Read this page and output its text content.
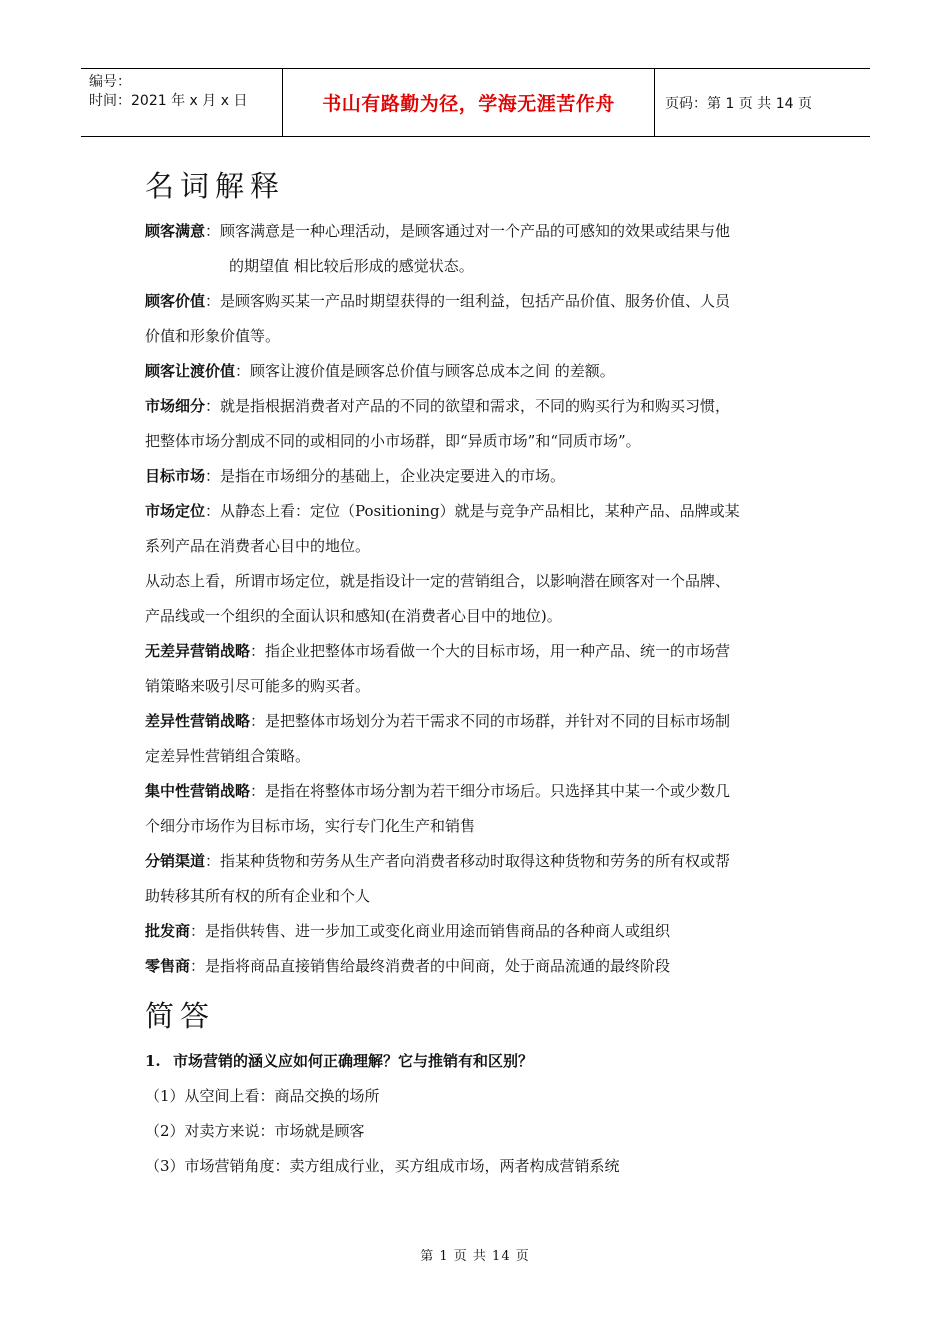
编号：
时间：2021 年 x 月 x 日	书山有路勤为径，学海无涯苦作舟	页码：第 1 页 共 14 页
名词解释

顾客满意：顾客满意是一种心理活动，是顾客通过对一个产品的可感知的效果或结果与他

的期望值 相比较后形成的感觉状态。

顾客价值：是顾客购买某一产品时期望获得的一组利益，包括产品价值、服务价值、人员

价值和形象价值等。

顾客让渡价值：顾客让渡价值是顾客总价值与顾客总成本之间 的差额。

市场细分：就是指根据消费者对产品的不同的欲望和需求，不同的购买行为和购买习惯，

把整体市场分割成不同的或相同的小市场群，即“异质市场”和“同质市场”。

目标市场：是指在市场细分的基础上，企业决定要进入的市场。

市场定位：从静态上看：定位（Positioning）就是与竞争产品相比，某种产品、品牌或某

系列产品在消费者心目中的地位。

从动态上看，所谓市场定位，就是指设计一定的营销组合，以影响潜在顾客对一个品牌、

产品线或一个组织的全面认识和感知(在消费者心目中的地位)。

无差异营销战略：指企业把整体市场看做一个大的目标市场，用一种产品、统一的市场营

销策略来吸引尽可能多的购买者。

差异性营销战略：是把整体市场划分为若干需求不同的市场群，并针对不同的目标市场制

定差异性营销组合策略。

集中性营销战略：是指在将整体市场分割为若干细分市场后。只选择其中某一个或少数几

个细分市场作为目标市场，实行专门化生产和销售

分销渠道：指某种货物和劳务从生产者向消费者移动时取得这种货物和劳务的所有权或帮

助转移其所有权的所有企业和个人

批发商：是指供转售、进一步加工或变化商业用途而销售商品的各种商人或组织

零售商：是指将商品直接销售给最终消费者的中间商，处于商品流通的最终阶段

简答

1. 市场营销的涵义应如何正确理解？它与推销有和区别？

（1）从空间上看：商品交换的场所

（2）对卖方来说：市场就是顾客

（3）市场营销角度：卖方组成行业，买方组成市场，两者构成营销系统

第 1 页 共 14 页
